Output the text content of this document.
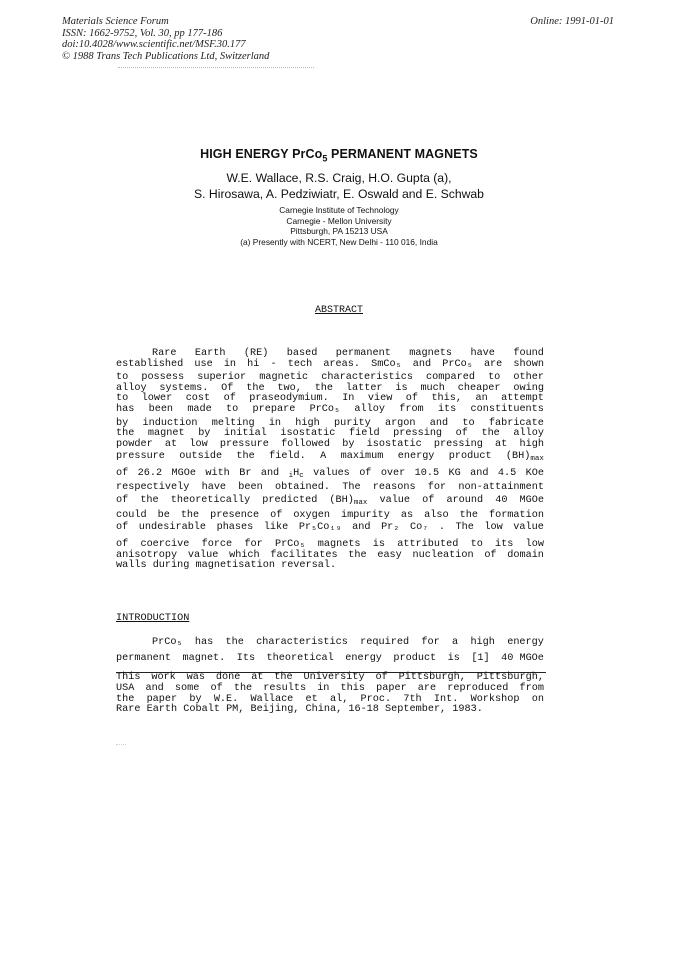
Materials Science Forum
ISSN: 1662-9752, Vol. 30, pp 177-186
doi:10.4028/www.scientific.net/MSF.30.177
© 1988 Trans Tech Publications Ltd, Switzerland
Online: 1991-01-01
HIGH ENERGY PrCo$_5$ PERMANENT MAGNETS
W.E. Wallace, R.S. Craig, H.O. Gupta (a),
S. Hirosawa, A. Pedziwiatr, E. Oswald and E. Schwab
Carnegie Institute of Technology
Carnegie - Mellon University
Pittsburgh, PA 15213 USA
(a) Presently with NCERT, New Delhi - 110 016, India
ABSTRACT
Rare Earth (RE) based permanent magnets have found
established use in hi - tech areas. SmCo₅ and PrCo₅ are shown
to possess superior magnetic characteristics compared to other
alloy systems. Of the two, the latter is much cheaper owing
to lower cost of praseodymium. In view of this, an attempt
has been made to prepare PrCo₅ alloy from its constituents
by induction melting in high purity argon and to fabricate
the magnet by initial isostatic field pressing of the alloy
powder at low pressure followed by isostatic pressing at high
pressure outside the field. A maximum energy product $(BH)_{max}$
of 26.2 MGOe with Br and $_iH_c$ values of over 10.5 KG and 4.5 KOe
respectively have been obtained. The reasons for non-attainment
of the theoretically predicted $(BH)_{max}$ value of around 40 MGOe
could be the presence of oxygen impurity as also the formation
of undesirable phases like Pr₅Co₁₉ and Pr₂ Co₇ . The low value
of coercive force for PrCo₅ magnets is attributed to its low
anisotropy value which facilitates the easy nucleation of domain
walls during magnetisation reversal.
INTRODUCTION
PrCo₅ has the characteristics required for a high energy
permanent magnet. Its theoretical energy product is [1] 40 MGOe
This work was done at the University of Pittsburgh, Pittsburgh,
USA and some of the results in this paper are reproduced from
the paper by W.E. Wallace et al, Proc. 7th Int. Workshop on
Rare Earth Cobalt PM, Beijing, China, 16-18 September, 1983.
